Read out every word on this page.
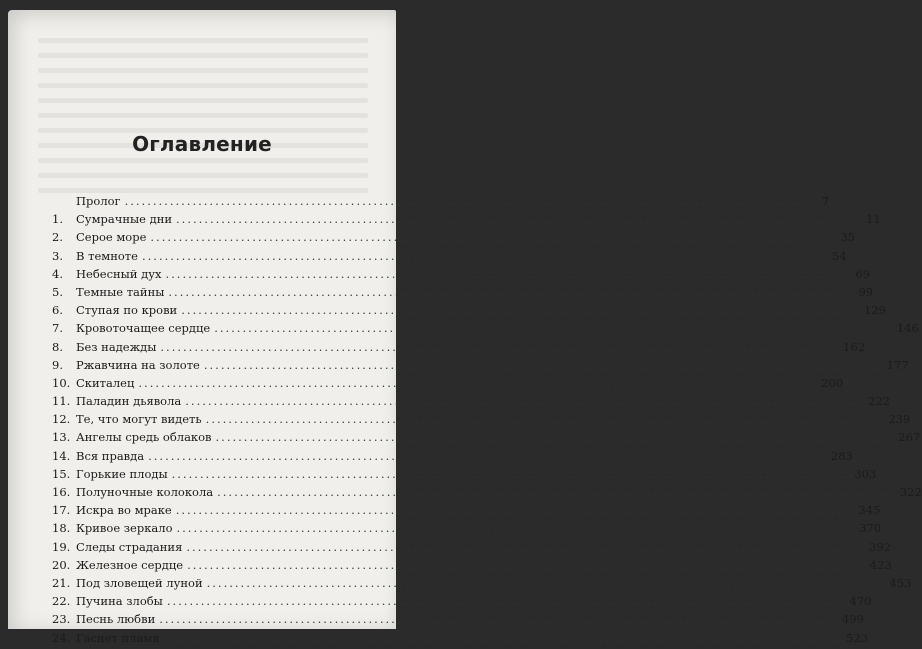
Оглавление
Пролог .....	7
1.	Сумрачные дни .....	11
2.	Серое море .....	35
3.	В темноте .....	54
4.	Небесный дух .....	69
5.	Темные тайны .....	99
6.	Ступая по крови .....	129
7.	Кровоточащее сердце .....	146
8.	Без надежды .....	162
9.	Ржавчина на золоте .....	177
10. Скиталец .....	200
11. Паладин дьявола .....	222
12. Те, что могут видеть .....	239
13. Ангелы средь облаков .....	267
14. Вся правда .....	283
15. Горькие плоды .....	303
16. Полуночные колокола .....	322
17. Искра во мраке .....	345
18. Кривое зеркало .....	370
19. Следы страдания .....	392
20. Железное сердце .....	423
21. Под зловещей луной .....	453
22. Пучина злобы .....	470
23. Песнь любви .....	499
24. Гаснет пламя .....	523
